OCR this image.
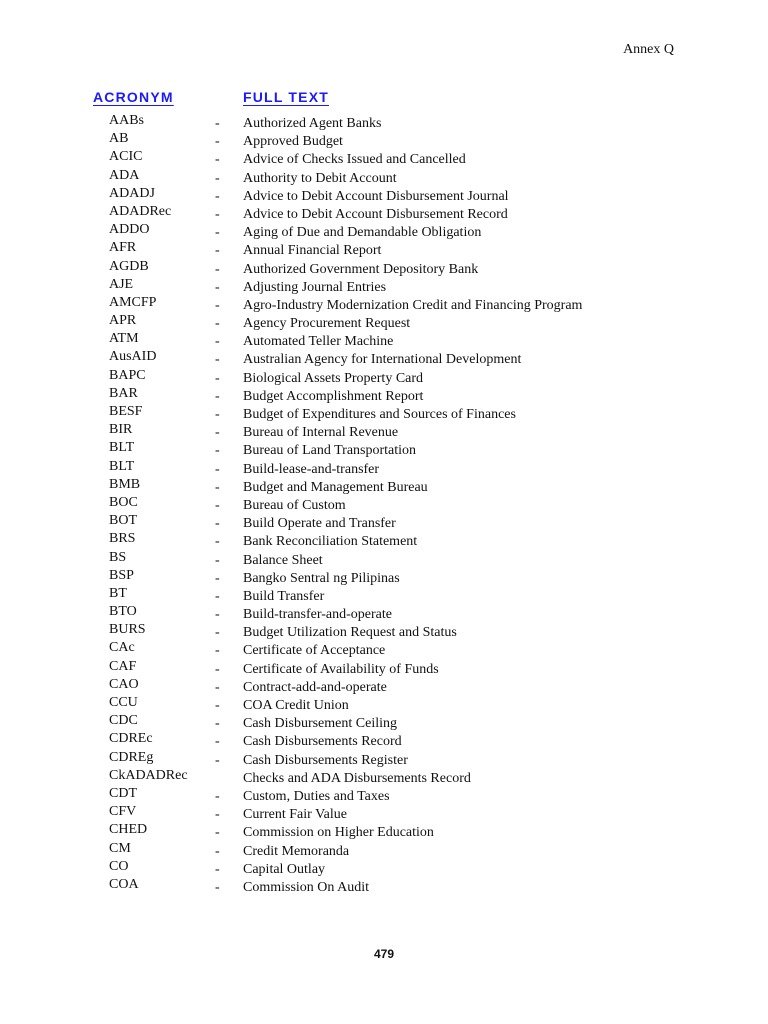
Annex Q
ACRONYM	FULL TEXT
AABs	- Authorized Agent Banks
AB	- Approved Budget
ACIC	- Advice of Checks Issued and Cancelled
ADA	- Authority to Debit Account
ADADJ	- Advice to Debit Account Disbursement Journal
ADADRec	- Advice to Debit Account Disbursement Record
ADDO	- Aging of Due and Demandable Obligation
AFR	- Annual Financial Report
AGDB	- Authorized Government Depository Bank
AJE	- Adjusting Journal Entries
AMCFP	- Agro-Industry Modernization Credit and Financing Program
APR	- Agency Procurement Request
ATM	- Automated Teller Machine
AusAID	- Australian Agency for International Development
BAPC	- Biological Assets Property Card
BAR	- Budget Accomplishment Report
BESF	- Budget of Expenditures and Sources of Finances
BIR	- Bureau of Internal Revenue
BLT	- Bureau of Land Transportation
BLT	- Build-lease-and-transfer
BMB	- Budget and Management Bureau
BOC	- Bureau of Custom
BOT	- Build Operate and Transfer
BRS	- Bank Reconciliation Statement
BS	- Balance Sheet
BSP	- Bangko Sentral ng Pilipinas
BT	- Build Transfer
BTO	- Build-transfer-and-operate
BURS	- Budget Utilization Request and Status
CAc	- Certificate of Acceptance
CAF	- Certificate of Availability of Funds
CAO	- Contract-add-and-operate
CCU	- COA Credit Union
CDC	- Cash Disbursement Ceiling
CDREc	- Cash Disbursements Record
CDREg	- Cash Disbursements Register
CkADADRec	Checks and ADA Disbursements Record
CDT	- Custom, Duties and Taxes
CFV	- Current Fair Value
CHED	- Commission on Higher Education
CM	- Credit Memoranda
CO	- Capital Outlay
COA	- Commission On Audit
479
